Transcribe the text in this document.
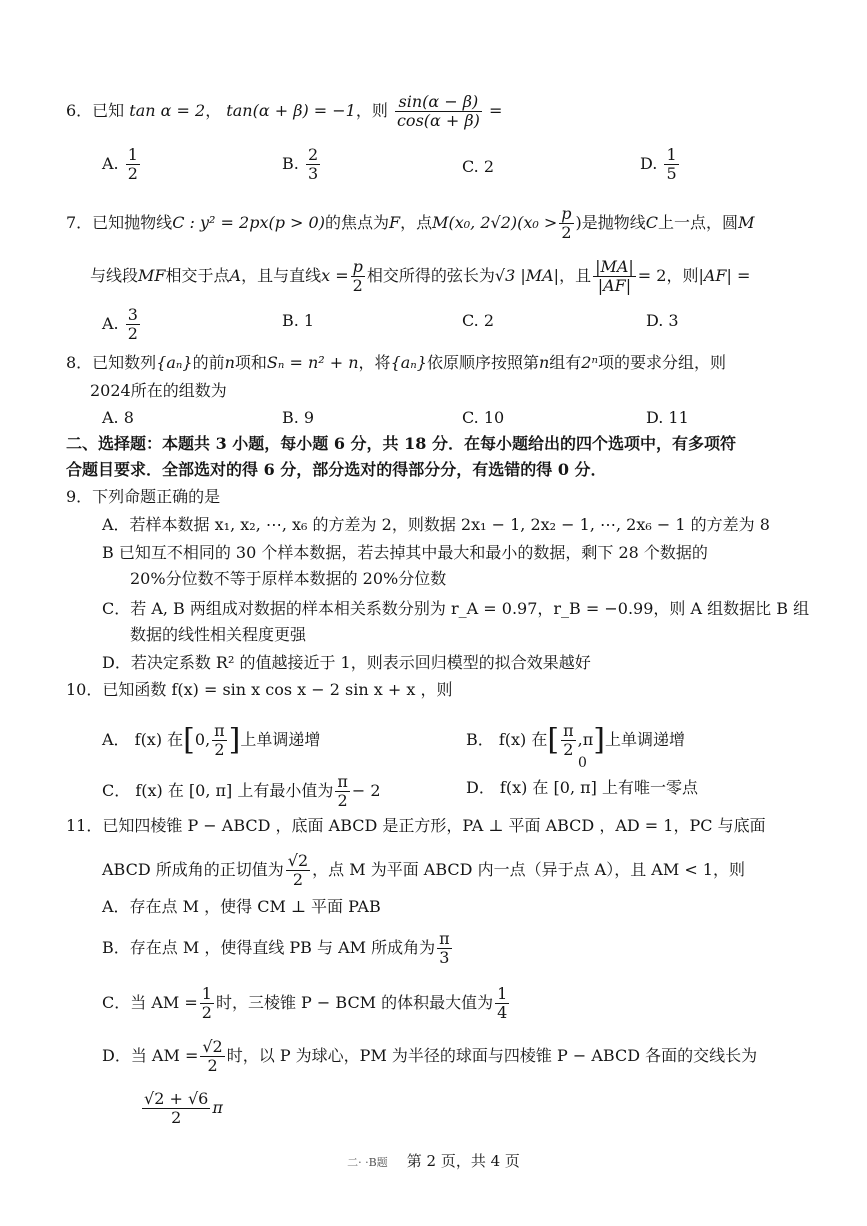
6．已知 tan α = 2， tan(α + β) = −1，则 $\frac{\sin(\alpha - \beta)}{\cos(\alpha + \beta)}$ =
A. $\frac{1}{2}$	B. $\frac{2}{3}$	C. 2	D. $\frac{1}{5}$
7．已知抛物线C : y² = 2px(p > 0)的焦点为F，点M(x₀, $2√2)(x_0 > \frac{p}{2}$ )是抛物线C上一点，圆M
与线段MF相交于点A，且与直线$x = \frac{p}{2}$ 相交所得的弦长为√3 |MA|，且 $\frac{|MA|}{|AF|} = 2$，则|AF| =
A. $\frac{3}{2}$	B. 1	C. 2	D. 3
8．已知数列{aₙ}的前n项和Sₙ = n² + n，将{aₙ}依原顺序按照第n组有2ⁿ项的要求分组，则
2024所在的组数为
A. 8	B. 9	C. 10	D. 11
二、选择题：本题共 3 小题，每小题 6 分，共 18 分．在每小题给出的四个选项中，有多项符
合题目要求．全部选对的得 6 分，部分选对的得部分分，有选错的得 0 分．
9．下列命题正确的是
A．若样本数据 x₁, x₂, ⋯, x₆ 的方差为 2，则数据 2x₁ − 1, 2x₂ − 1, ⋯, 2x₆ − 1 的方差为 8
B 已知互不相同的 30 个样本数据，若去掉其中最大和最小的数据，剩下 28 个数据的
20%分位数不等于原样本数据的 20%分位数
C．若 A, B 两组成对数据的样本相关系数分别为 r_A = 0.97，r_B = −0.99，则 A 组数据比 B 组
数据的线性相关程度更强
D．若决定系数 R² 的值越接近于 1，则表示回归模型的拟合效果越好
10．已知函数 f(x) = sin x cos x − 2 sin x + x ，则
A． f(x) 在[0, $\frac{\pi}{2}$ ]上单调递增	B． f(x) 在[ $\frac{\pi}{2} ,\pi$]上单调递增
0
C． f(x) 在 [0, π] 上有最小值为 $\frac{\pi}{2} - 2$	D． f(x) 在 [0, π] 上有唯一零点
11．已知四棱锥 P − ABCD ，底面 ABCD 是正方形，PA ⊥ 平面 ABCD ，AD = 1，PC 与底面
ABCD 所成角的正切值为 $\frac{√2}{2}$ ，点 M 为平面 ABCD 内一点（异于点 A），且 AM < 1，则
A．存在点 M ，使得 CM ⊥ 平面 PAB
B．存在点 M ，使得直线 PB 与 AM 所成角为 $\frac{\pi}{3}$
C．当 AM = $\frac{1}{2}$ 时，三棱锥 P − BCM 的体积最大值为 $\frac{1}{4}$
D．当 AM = $\frac{√2}{2}$ 时，以 P 为球心，PM 为半径的球面与四棱锥 P − ABCD 各面的交线长为
$\frac{√2 + √6}{2}$ π
二· ·B题 第 2 页，共 4 页
